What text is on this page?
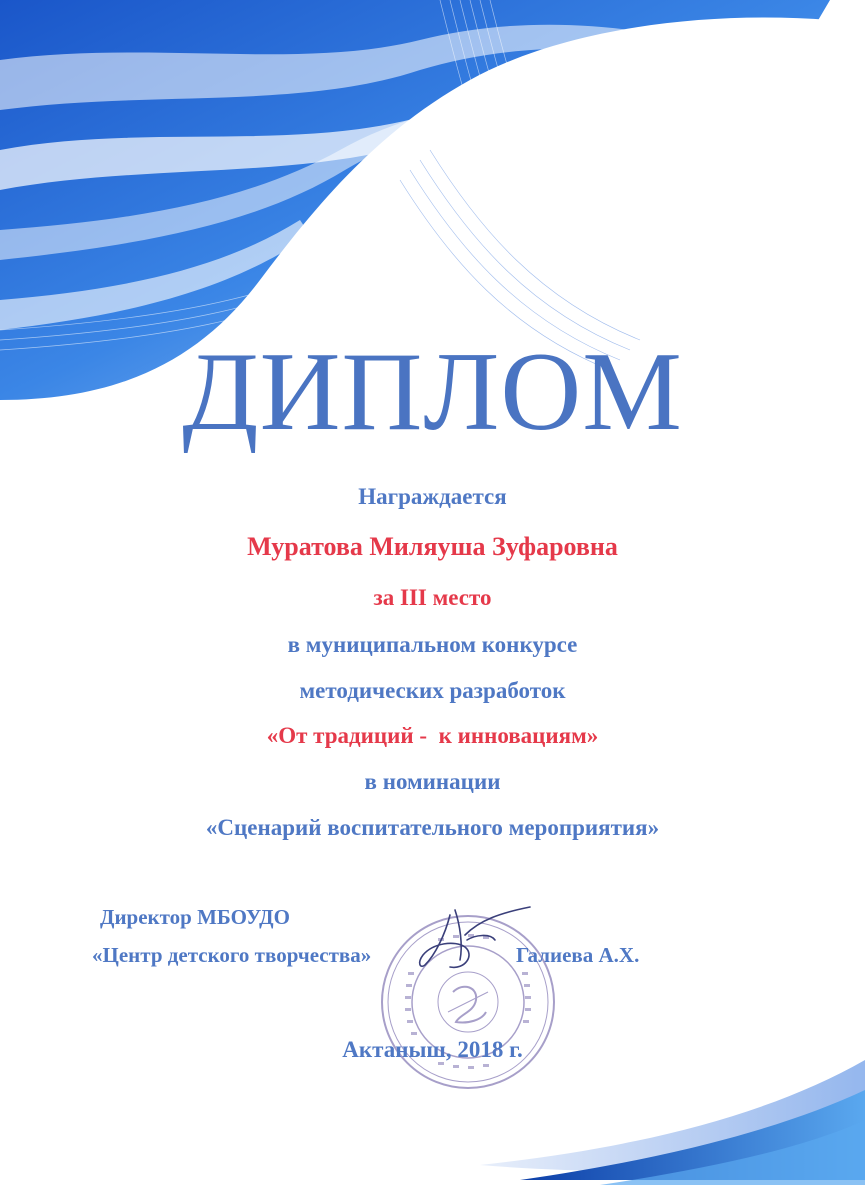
ДИПЛОМ

Награждается

Муратова Миляуша Зуфаровна

за III место

в муниципальном конкурсе

методических разработок

«От традиций -  к инновациям»

в номинации

«Сценарий воспитательного мероприятия»

Директор МБОУДО

«Центр детского творчества»	Галиева А.Х.

Актаныш, 2018 г.
